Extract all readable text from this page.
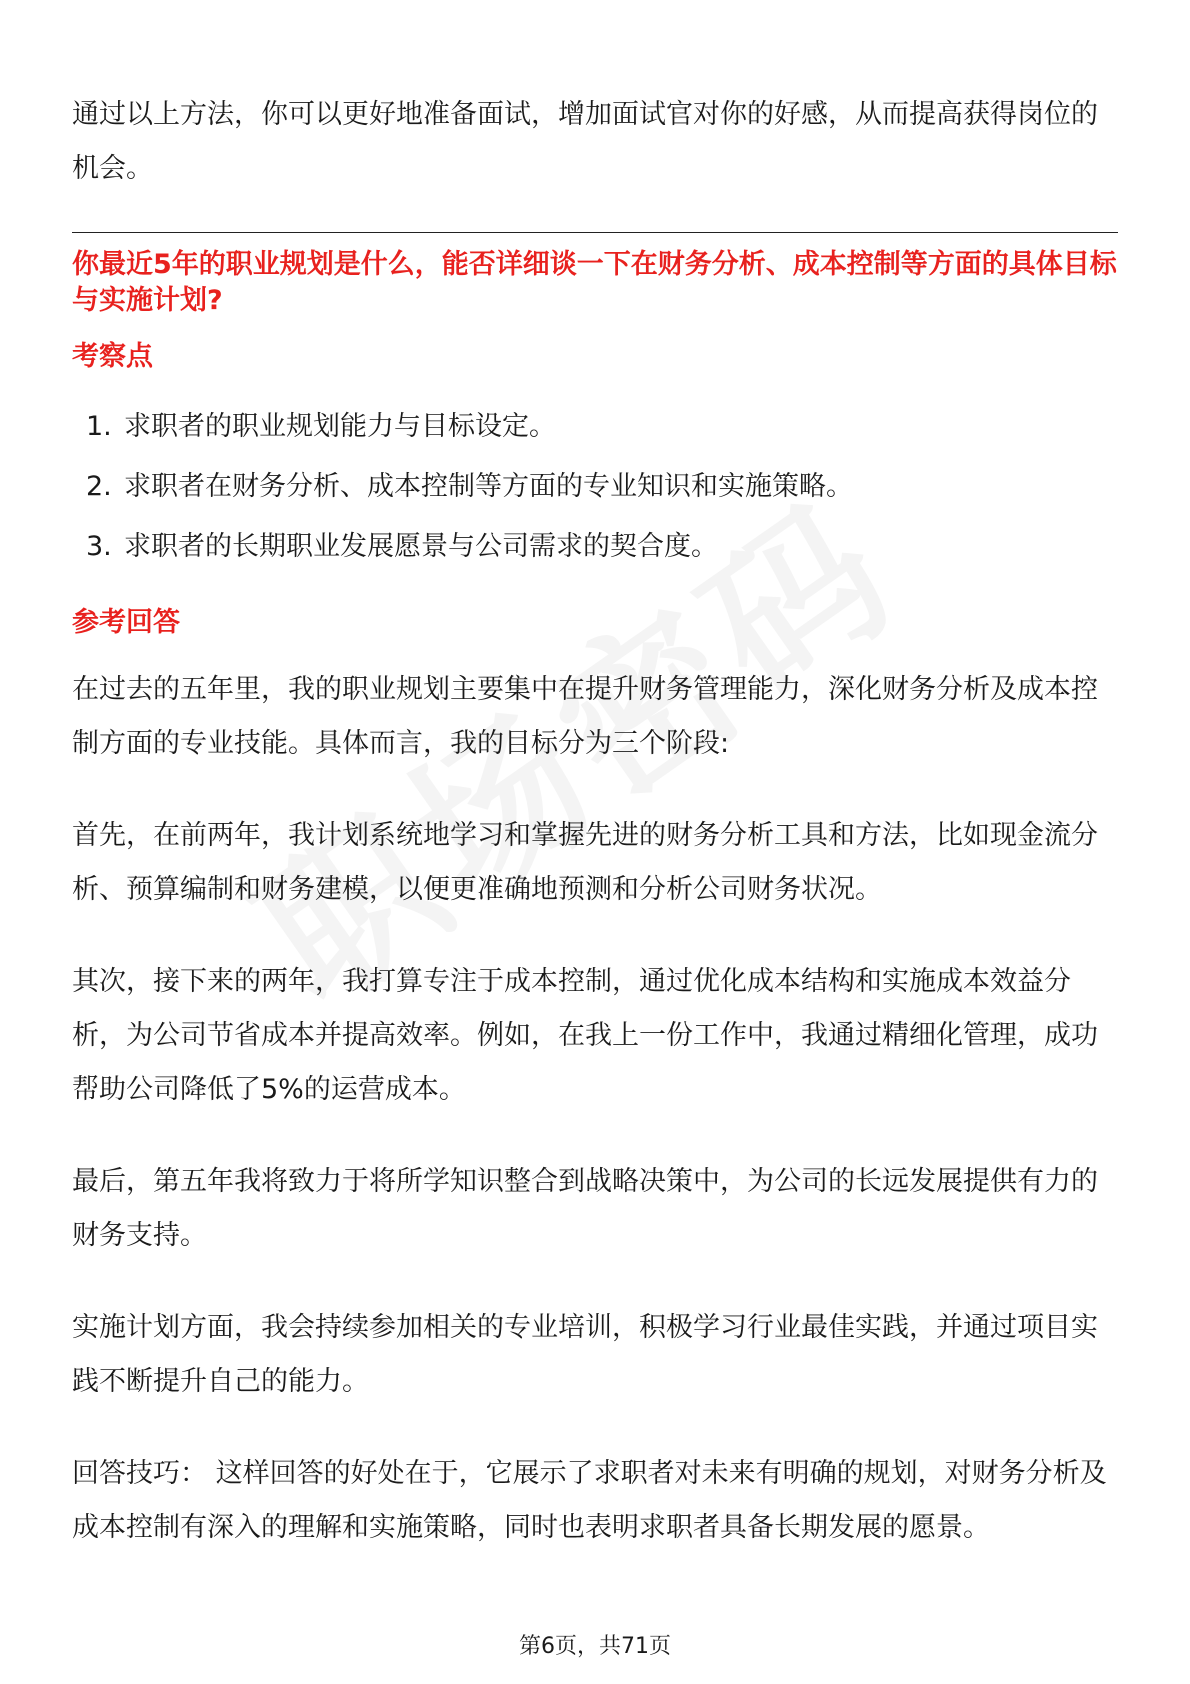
通过以上方法，你可以更好地准备面试，增加面试官对你的好感，从而提高获得岗位的机会。

你最近5年的职业规划是什么，能否详细谈一下在财务分析、成本控制等方面的具体目标与实施计划?
考察点
1. 求职者的职业规划能力与目标设定。
2. 求职者在财务分析、成本控制等方面的专业知识和实施策略。
3. 求职者的长期职业发展愿景与公司需求的契合度。
参考回答

在过去的五年里，我的职业规划主要集中在提升财务管理能力，深化财务分析及成本控制方面的专业技能。具体而言，我的目标分为三个阶段:

首先，在前两年，我计划系统地学习和掌握先进的财务分析工具和方法，比如现金流分析、预算编制和财务建模，以便更准确地预测和分析公司财务状况。

其次，接下来的两年，我打算专注于成本控制，通过优化成本结构和实施成本效益分析，为公司节省成本并提高效率。例如，在我上一份工作中，我通过精细化管理，成功帮助公司降低了5%的运营成本。

最后，第五年我将致力于将所学知识整合到战略决策中，为公司的长远发展提供有力的财务支持。

实施计划方面，我会持续参加相关的专业培训，积极学习行业最佳实践，并通过项目实践不断提升自己的能力。

回答技巧： 这样回答的好处在于，它展示了求职者对未来有明确的规划，对财务分析及成本控制有深入的理解和实施策略，同时也表明求职者具备长期发展的愿景。

第6页，共71页
